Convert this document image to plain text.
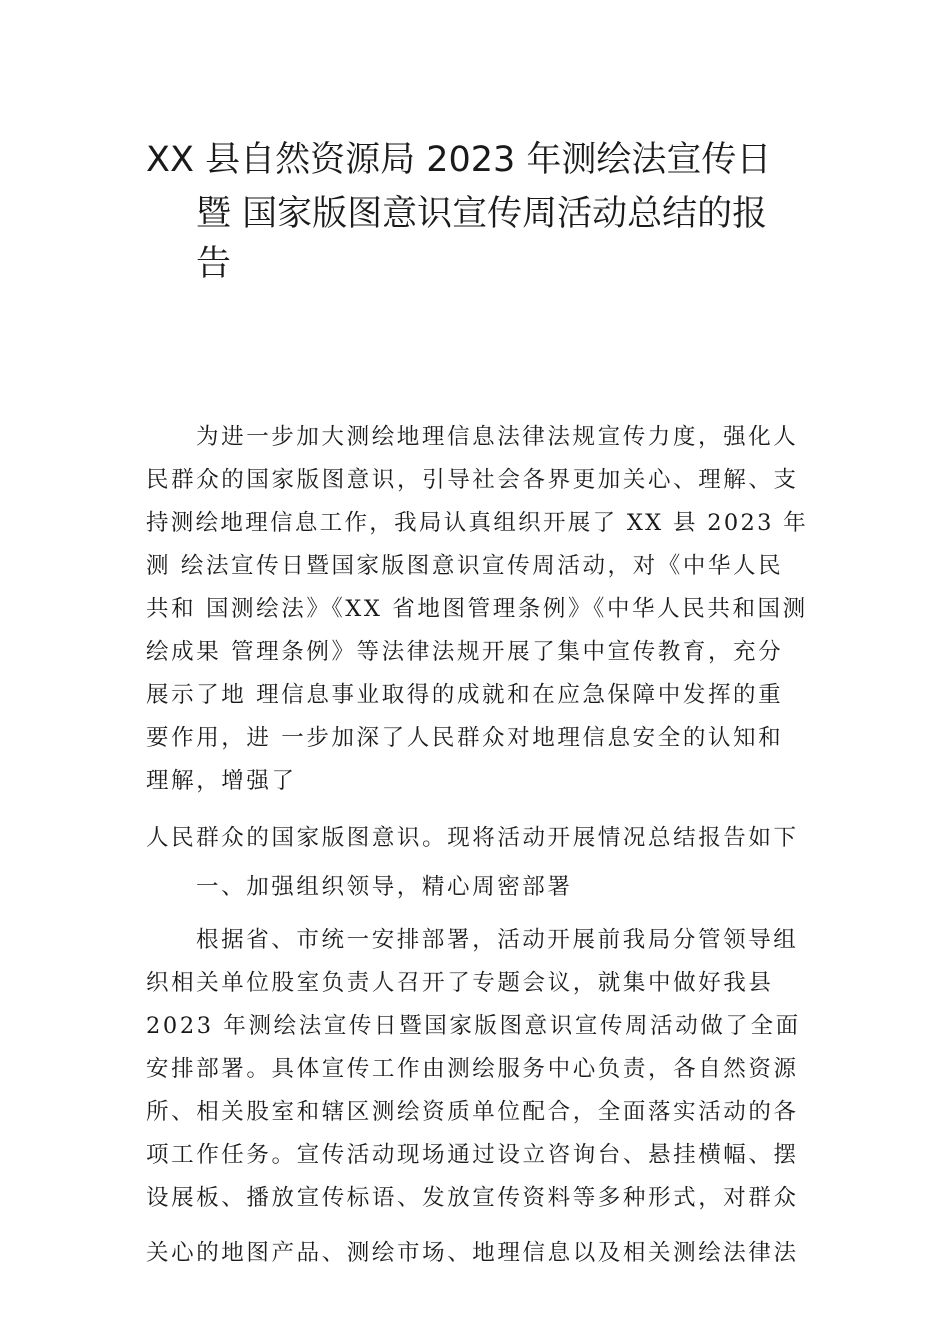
XX 县自然资源局 2023 年测绘法宣传日
暨 国家版图意识宣传周活动总结的报
告
为进一步加大测绘地理信息法律法规宣传力度，强化人
民群众的国家版图意识，引导社会各界更加关心、理解、支
持测绘地理信息工作，我局认真组织开展了 XX 县 2023 年
测 绘法宣传日暨国家版图意识宣传周活动，对《中华人民
共和 国测绘法》《XX 省地图管理条例》《中华人民共和国测
绘成果 管理条例》等法律法规开展了集中宣传教育，充分
展示了地 理信息事业取得的成就和在应急保障中发挥的重
要作用，进 一步加深了人民群众对地理信息安全的认知和
理解，增强了
人民群众的国家版图意识。现将活动开展情况总结报告如下
一、加强组织领导，精心周密部署
根据省、市统一安排部署，活动开展前我局分管领导组
织相关单位股室负责人召开了专题会议，就集中做好我县
2023 年测绘法宣传日暨国家版图意识宣传周活动做了全面
安排部署。具体宣传工作由测绘服务中心负责，各自然资源
所、相关股室和辖区测绘资质单位配合，全面落实活动的各
项工作任务。宣传活动现场通过设立咨询台、悬挂横幅、摆
设展板、播放宣传标语、发放宣传资料等多种形式，对群众
关心的地图产品、测绘市场、地理信息以及相关测绘法律法
